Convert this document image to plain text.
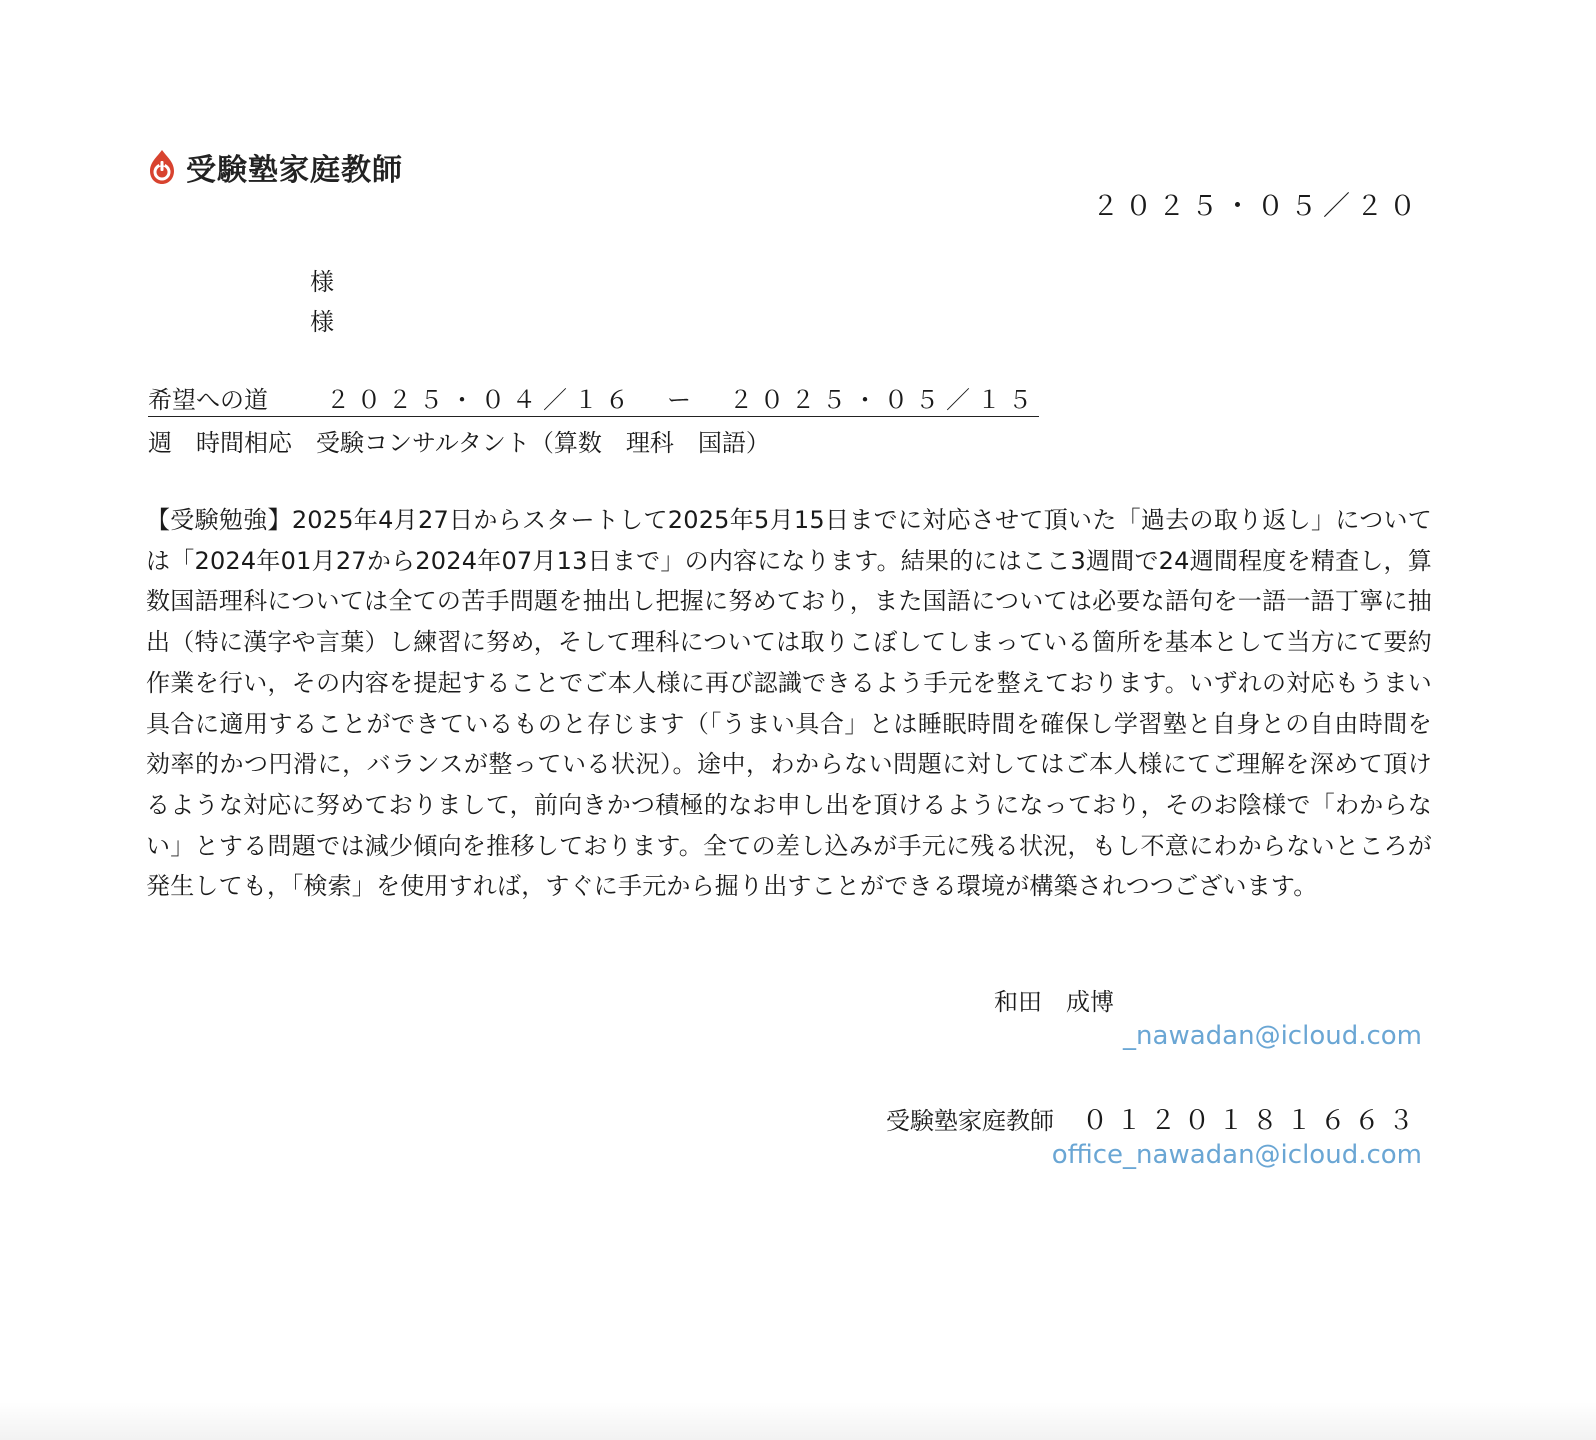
受験塾家庭教師
２０２５・０５／２０
様
様
希望への道 ２０２５・０４／１６　ー　２０２５・０５／１５
週　時間相応　受験コンサルタント（算数　理科　国語）
【受験勉強】2025年4月27日からスタートして2025年5月15日までに対応させて頂いた「過去の取り返し」については「2024年01月27から2024年07月13日まで」の内容になります。結果的にはここ3週間で24週間程度を精査し，算数国語理科については全ての苦手問題を抽出し把握に努めており，また国語については必要な語句を一語一語丁寧に抽出（特に漢字や言葉）し練習に努め，そして理科については取りこぼしてしまっている箇所を基本として当方にて要約作業を行い，その内容を提起することでご本人様に再び認識できるよう手元を整えております。いずれの対応もうまい具合に適用することができているものと存じます（「うまい具合」とは睡眠時間を確保し学習塾と自身との自由時間を効率的かつ円滑に，バランスが整っている状況）。途中，わからない問題に対してはご本人様にてご理解を深めて頂けるような対応に努めておりまして，前向きかつ積極的なお申し出を頂けるようになっており，そのお陰様で「わからない」とする問題では減少傾向を推移しております。全ての差し込みが手元に残る状況，もし不意にわからないところが発生しても，「検索」を使用すれば，すぐに手元から掘り出すことができる環境が構築されつつございます。
和田　成博
_nawadan@icloud.com
受験塾家庭教師 ０１２０１８１６６３
office_nawadan@icloud.com
